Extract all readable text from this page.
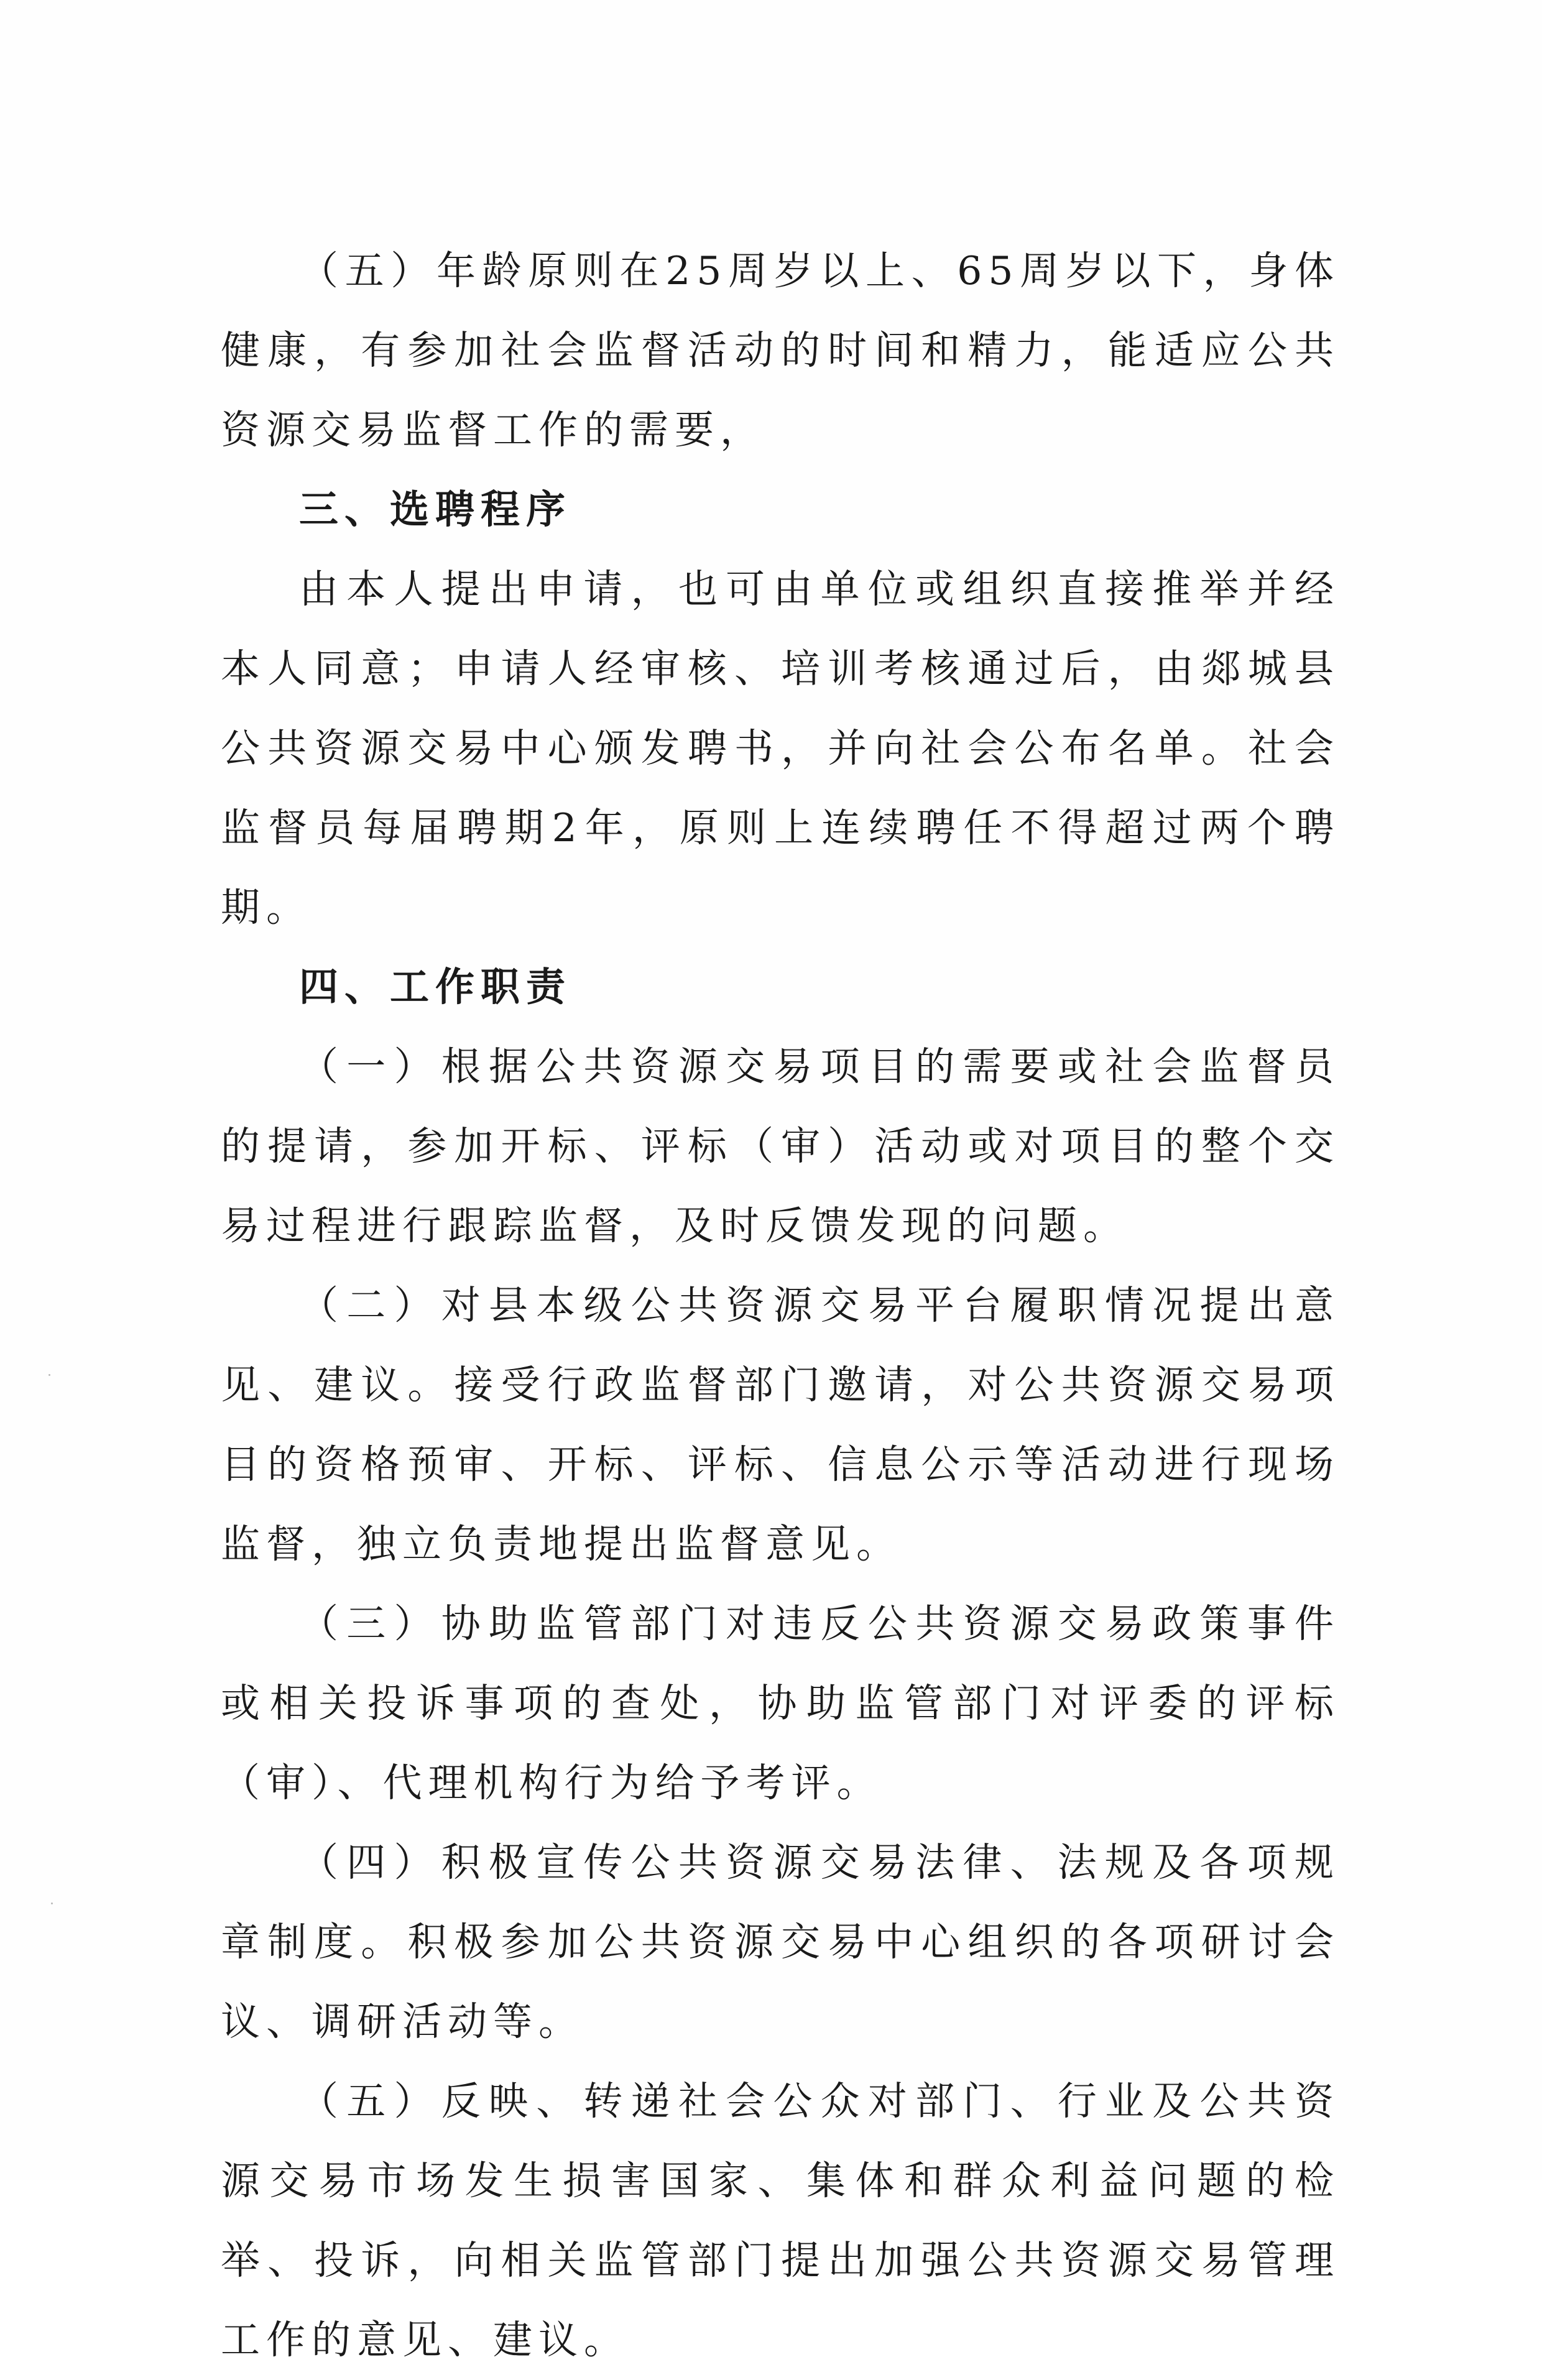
（五）年龄原则在25周岁以上、65周岁以下，身体健康，有参加社会监督活动的时间和精力，能适应公共资源交易监督工作的需要，

三、选聘程序

由本人提出申请，也可由单位或组织直接推举并经本人同意；申请人经审核、培训考核通过后，由郯城县公共资源交易中心颁发聘书，并向社会公布名单。社会监督员每届聘期2年，原则上连续聘任不得超过两个聘期。

四、工作职责

（一）根据公共资源交易项目的需要或社会监督员的提请，参加开标、评标（审）活动或对项目的整个交易过程进行跟踪监督，及时反馈发现的问题。

（二）对县本级公共资源交易平台履职情况提出意见、建议。接受行政监督部门邀请，对公共资源交易项目的资格预审、开标、评标、信息公示等活动进行现场监督，独立负责地提出监督意见。

（三）协助监管部门对违反公共资源交易政策事件或相关投诉事项的查处，协助监管部门对评委的评标（审）、代理机构行为给予考评。

（四）积极宣传公共资源交易法律、法规及各项规章制度。积极参加公共资源交易中心组织的各项研讨会议、调研活动等。

（五）反映、转递社会公众对部门、行业及公共资源交易市场发生损害国家、集体和群众利益问题的检举、投诉，向相关监管部门提出加强公共资源交易管理工作的意见、建议。
